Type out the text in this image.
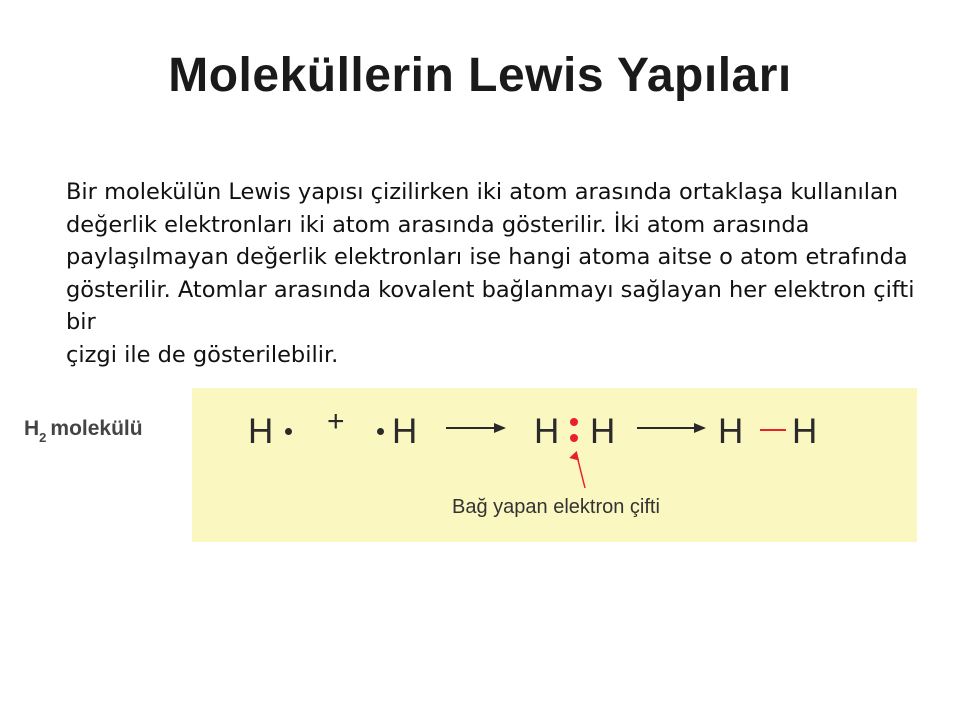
Moleküllerin Lewis Yapıları

Bir molekülün Lewis yapısı çizilirken iki atom arasında ortaklaşa kullanılan

değerlik elektronları iki atom arasında gösterilir. İki atom arasında

paylaşılmayan değerlik elektronları ise hangi atoma aitse o atom etrafında

gösterilir. Atomlar arasında kovalent bağlanmayı sağlayan her elektron çifti bir

çizgi ile de gösterilebilir.

$H_2$ molekülü	H + H	H H	H H
Bağ yapan elektron çifti
